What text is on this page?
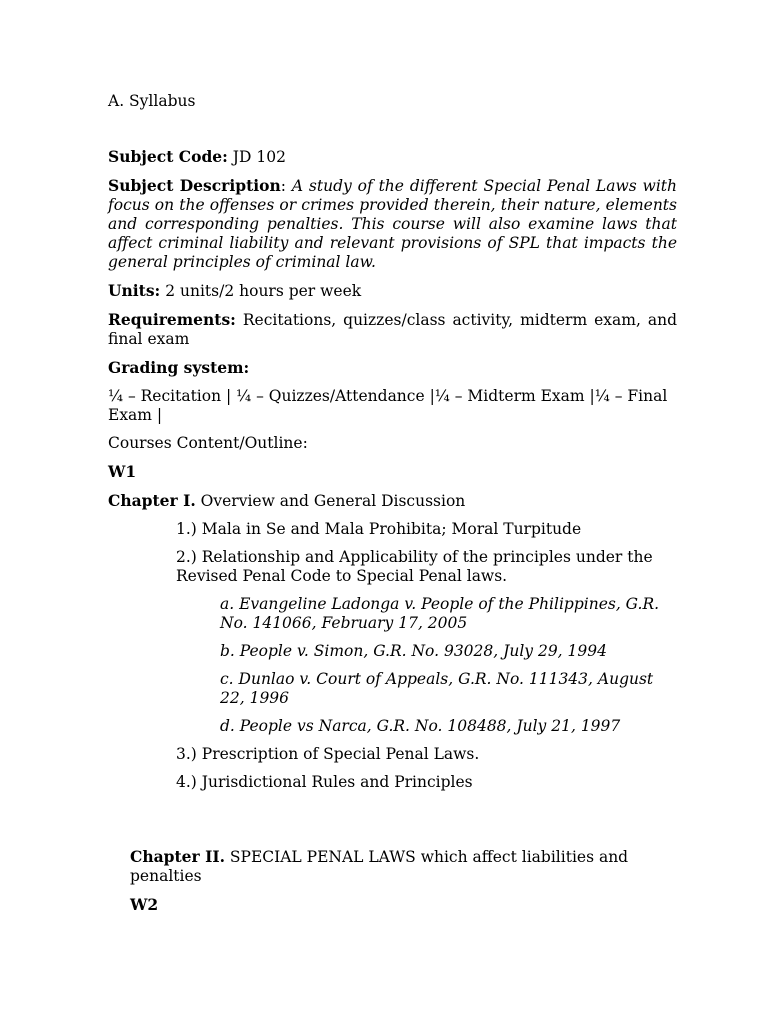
A. Syllabus

Subject Code: JD 102

Subject Description: A study of the different Special Penal Laws with focus on the offenses or crimes provided therein, their nature, elements and corresponding penalties. This course will also examine laws that affect criminal liability and relevant provisions of SPL that impacts the general principles of criminal law.

Units: 2 units/2 hours per week

Requirements: Recitations, quizzes/class activity, midterm exam, and final exam

Grading system:

¼ – Recitation | ¼ – Quizzes/Attendance |¼ – Midterm Exam |¼ – Final Exam |

Courses Content/Outline:

W1

Chapter I. Overview and General Discussion

1.) Mala in Se and Mala Prohibita; Moral Turpitude

2.) Relationship and Applicability of the principles under the Revised Penal Code to Special Penal laws.

a. Evangeline Ladonga v. People of the Philippines, G.R. No. 141066, February 17, 2005

b. People v. Simon, G.R. No. 93028, July 29, 1994

c. Dunlao v. Court of Appeals, G.R. No. 111343, August 22, 1996

d. People vs Narca, G.R. No. 108488, July 21, 1997

3.) Prescription of Special Penal Laws.

4.) Jurisdictional Rules and Principles

Chapter II. SPECIAL PENAL LAWS which affect liabilities and penalties

W2
